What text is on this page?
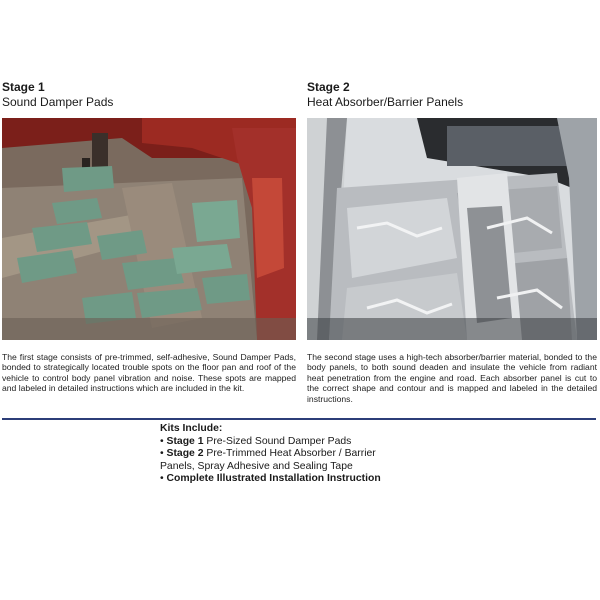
Stage 1
Sound Damper Pads
The first stage consists of pre-trimmed, self-adhesive, Sound Damper Pads, bonded to strategically located trouble spots on the floor pan and roof of the vehicle to control body panel vibration and noise. These spots are mapped and labeled in detailed instructions which are included in the kit.
Stage 2
Heat Absorber/Barrier Panels
The second stage uses a high-tech absorber/barrier material, bonded to the body panels, to both sound deaden and insulate the vehicle from radiant heat penetration from the engine and road. Each absorber panel is cut to the correct shape and contour and is mapped and labeled in the detailed instructions.
Kits Include:
• Stage 1 Pre-Sized Sound Damper Pads
• Stage 2 Pre-Trimmed Heat Absorber / Barrier
Panels, Spray Adhesive and Sealing Tape
• Complete Illustrated Installation Instruction
